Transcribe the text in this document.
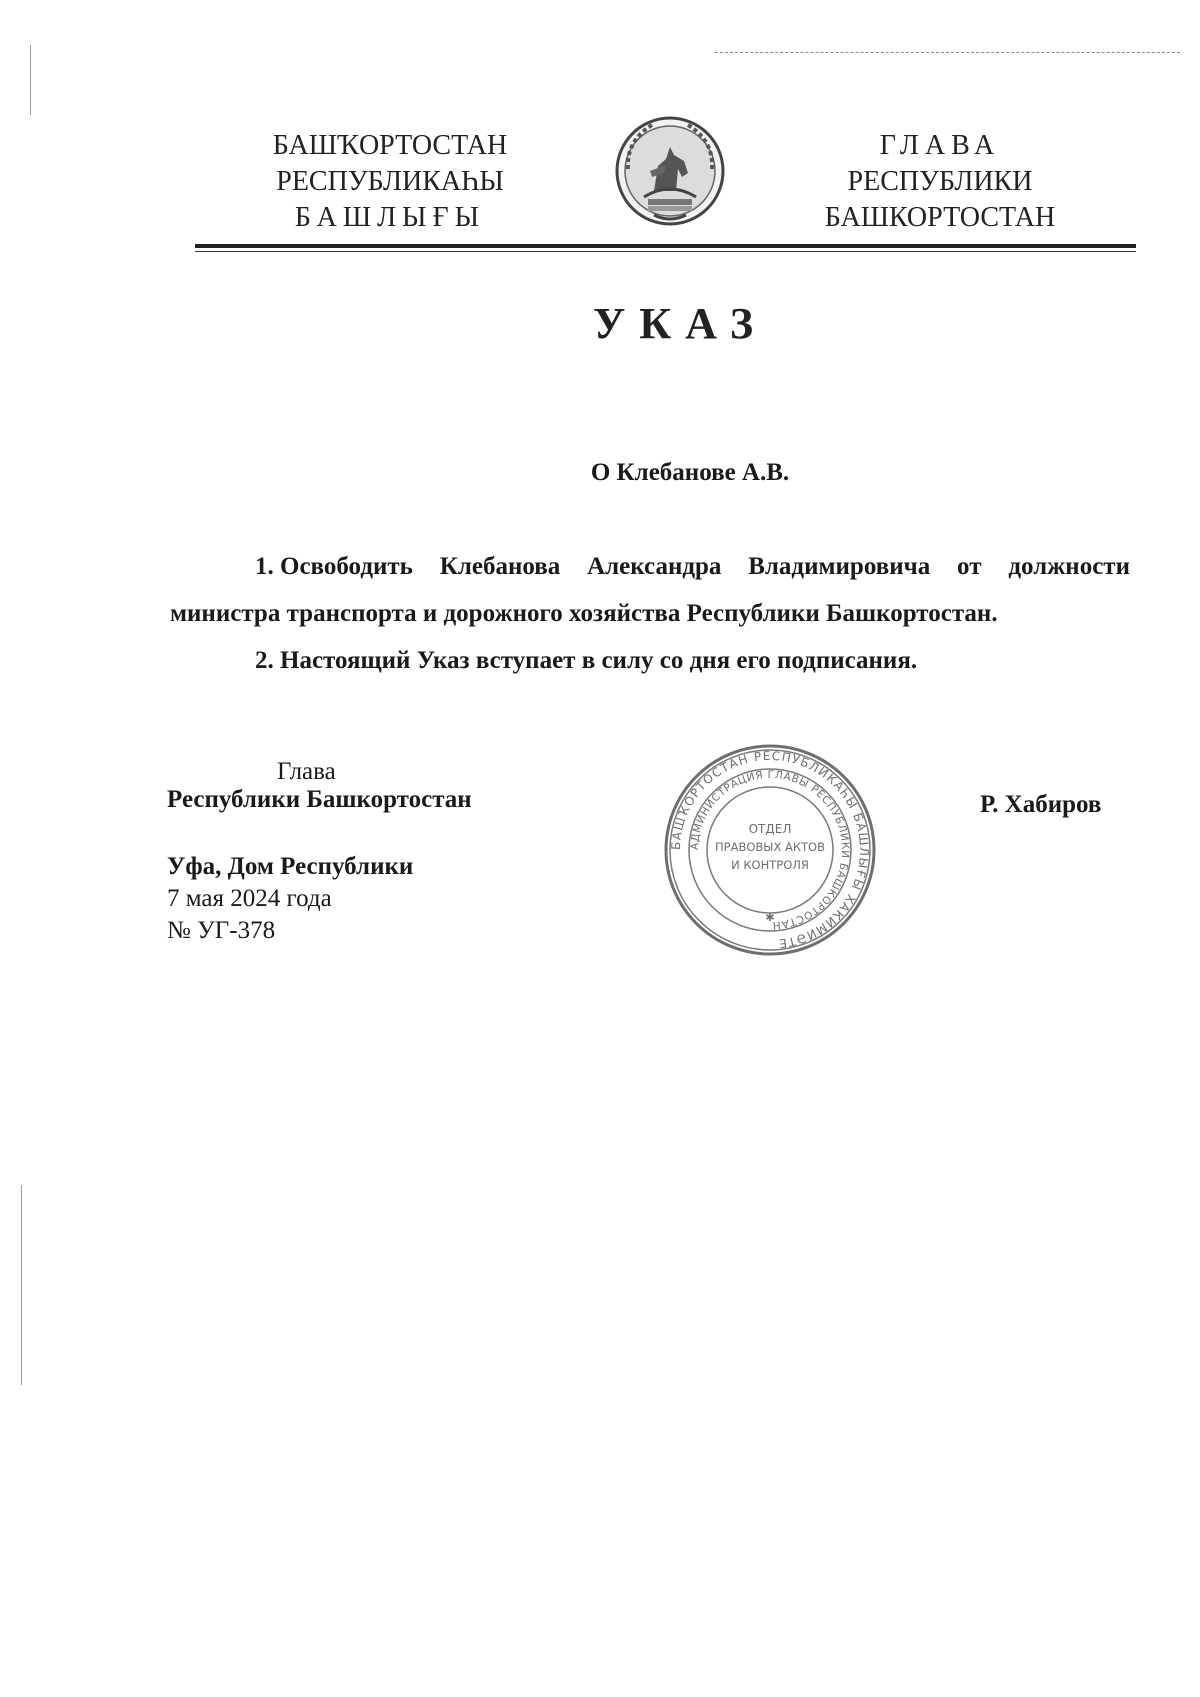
БАШҠОРТОСТАН
РЕСПУБЛИКАҺЫ
БАШЛЫҒЫ
ГЛАВА
РЕСПУБЛИКИ
БАШКОРТОСТАН
УКАЗ
О Клебанове А.В.
1. Освободить Клебанова Александра Владимировича от должности
министра транспорта и дорожного хозяйства Республики Башкортостан.
2. Настоящий Указ вступает в силу со дня его подписания.
Глава
Республики Башкортостан
Уфа, Дом Республики
7 мая 2024 года
№ УГ-378
Р. Хабиров
БАШҠОРТОСТАН РЕСПУБЛИКАҺЫ БАШЛЫҒЫ ХАКИМИӘТЕ
АДМИНИСТРАЦИЯ ГЛАВЫ РЕСПУБЛИКИ БАШКОРТОСТАН
ОТДЕЛ
ПРАВОВЫХ АКТОВ
И КОНТРОЛЯ
✱
